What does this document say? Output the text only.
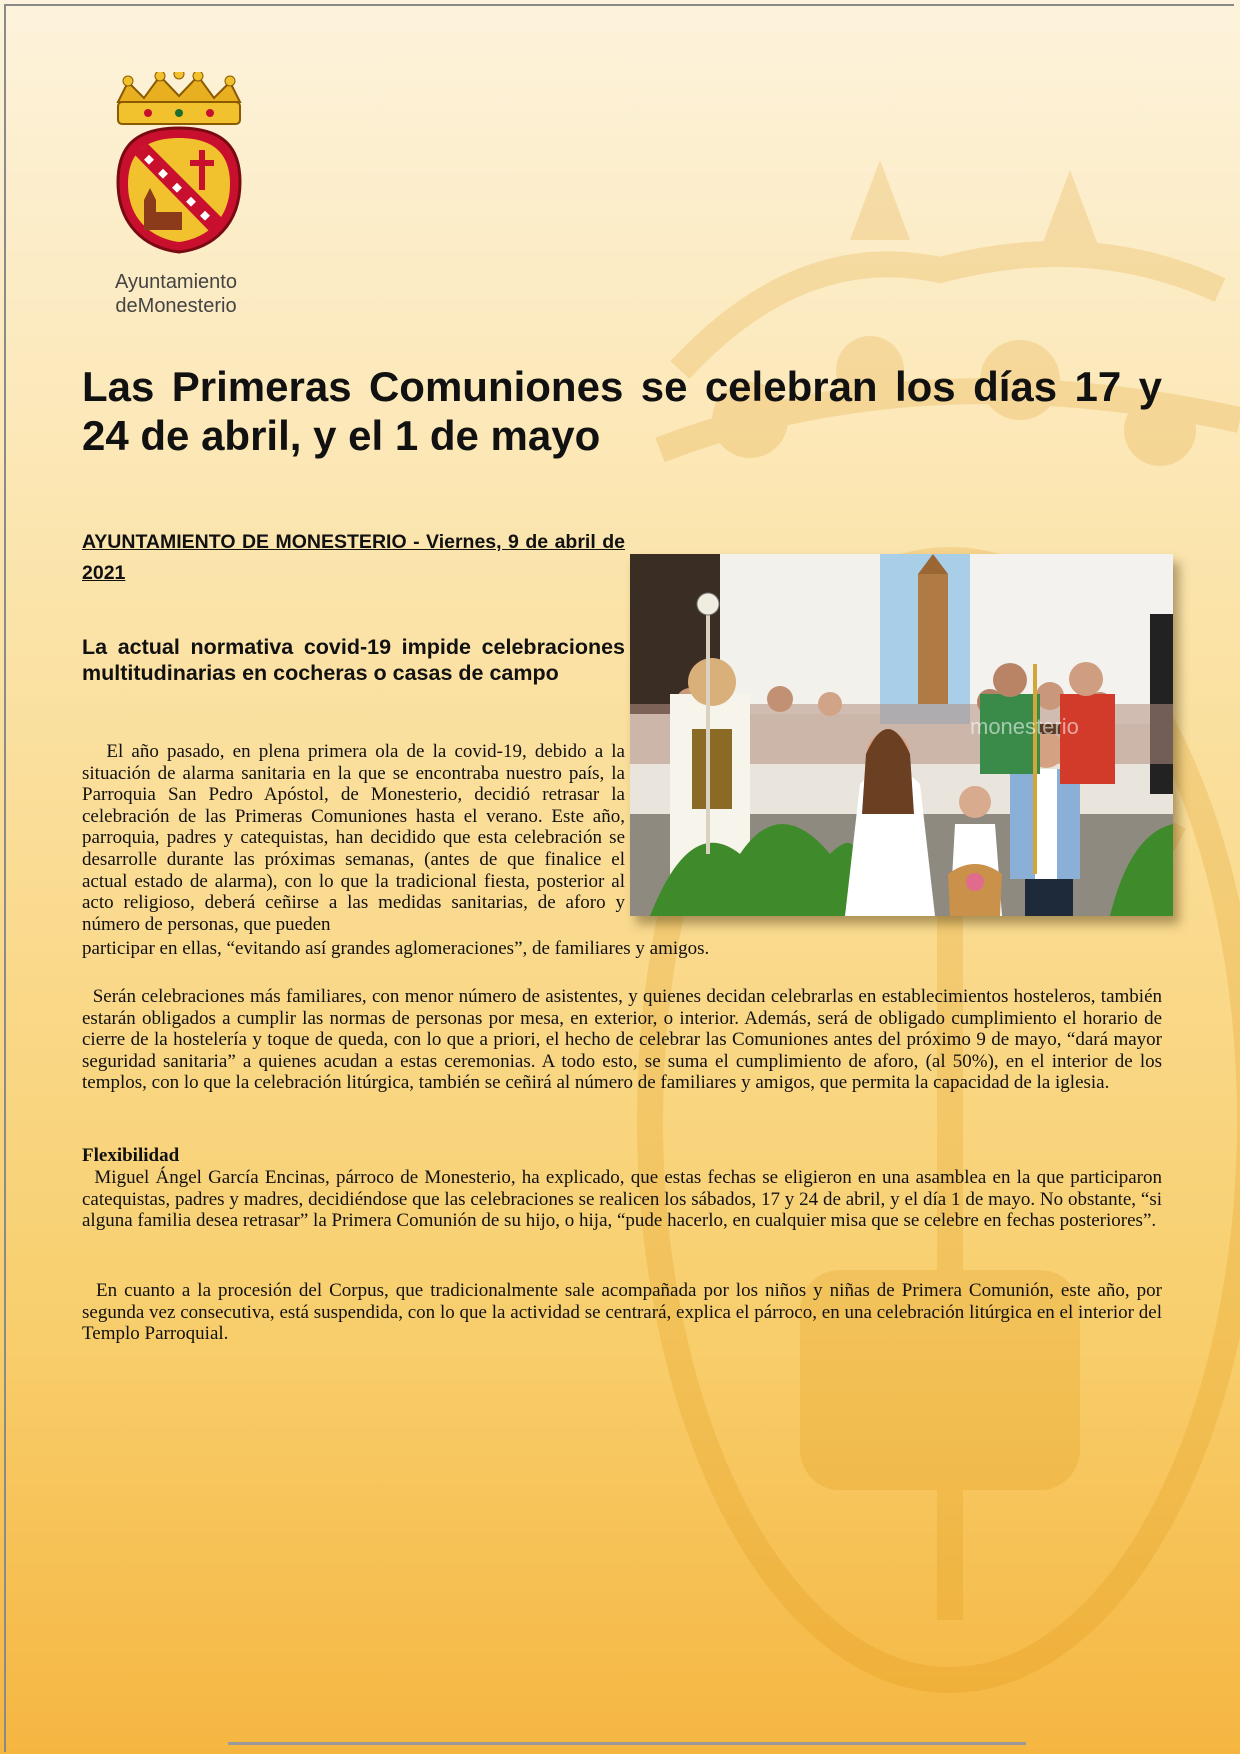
Ayuntamiento
deMonesterio
Las Primeras Comuniones se celebran los días 17 y 24 de abril, y el 1 de mayo
AYUNTAMIENTO DE MONESTERIO - Viernes, 9 de abril de 2021
La actual normativa covid-19 impide celebraciones multitudinarias en cocheras o casas de campo
monesterio

El año pasado, en plena primera ola de la covid-19, debido a la situación de alarma sanitaria en la que se encontraba nuestro país, la Parroquia San Pedro Apóstol, de Monesterio, decidió retrasar la celebración de las Primeras Comuniones hasta el verano. Este año, parroquia, padres y catequistas, han decidido que esta celebración se desarrolle durante las próximas semanas, (antes de que finalice el actual estado de alarma), con lo que la tradicional fiesta, posterior al acto religioso, deberá ceñirse a las medidas sanitarias, de aforo y número de personas, que pueden

participar en ellas, “evitando así grandes aglomeraciones”, de familiares y amigos.

Serán celebraciones más familiares, con menor número de asistentes, y quienes decidan celebrarlas en establecimientos hosteleros, también estarán obligados a cumplir las normas de personas por mesa, en exterior, o interior. Además, será de obligado cumplimiento el horario de cierre de la hostelería y toque de queda, con lo que a priori, el hecho de celebrar las Comuniones antes del próximo 9 de mayo, “dará mayor seguridad sanitaria” a quienes acudan a estas ceremonias. A todo esto, se suma el cumplimiento de aforo, (al 50%), en el interior de los templos, con lo que la celebración litúrgica, también se ceñirá al número de familiares y amigos, que permita la capacidad de la iglesia.

Flexibilidad

Miguel Ángel García Encinas, párroco de Monesterio, ha explicado, que estas fechas se eligieron en una asamblea en la que participaron catequistas, padres y madres, decidiéndose que las celebraciones se realicen los sábados, 17 y 24 de abril, y el día 1 de mayo. No obstante, “si alguna familia desea retrasar” la Primera Comunión de su hijo, o hija, “pude hacerlo, en cualquier misa que se celebre en fechas posteriores”.

En cuanto a la procesión del Corpus, que tradicionalmente sale acompañada por los niños y niñas de Primera Comunión, este año, por segunda vez consecutiva, está suspendida, con lo que la actividad se centrará, explica el párroco, en una celebración litúrgica en el interior del Templo Parroquial.
